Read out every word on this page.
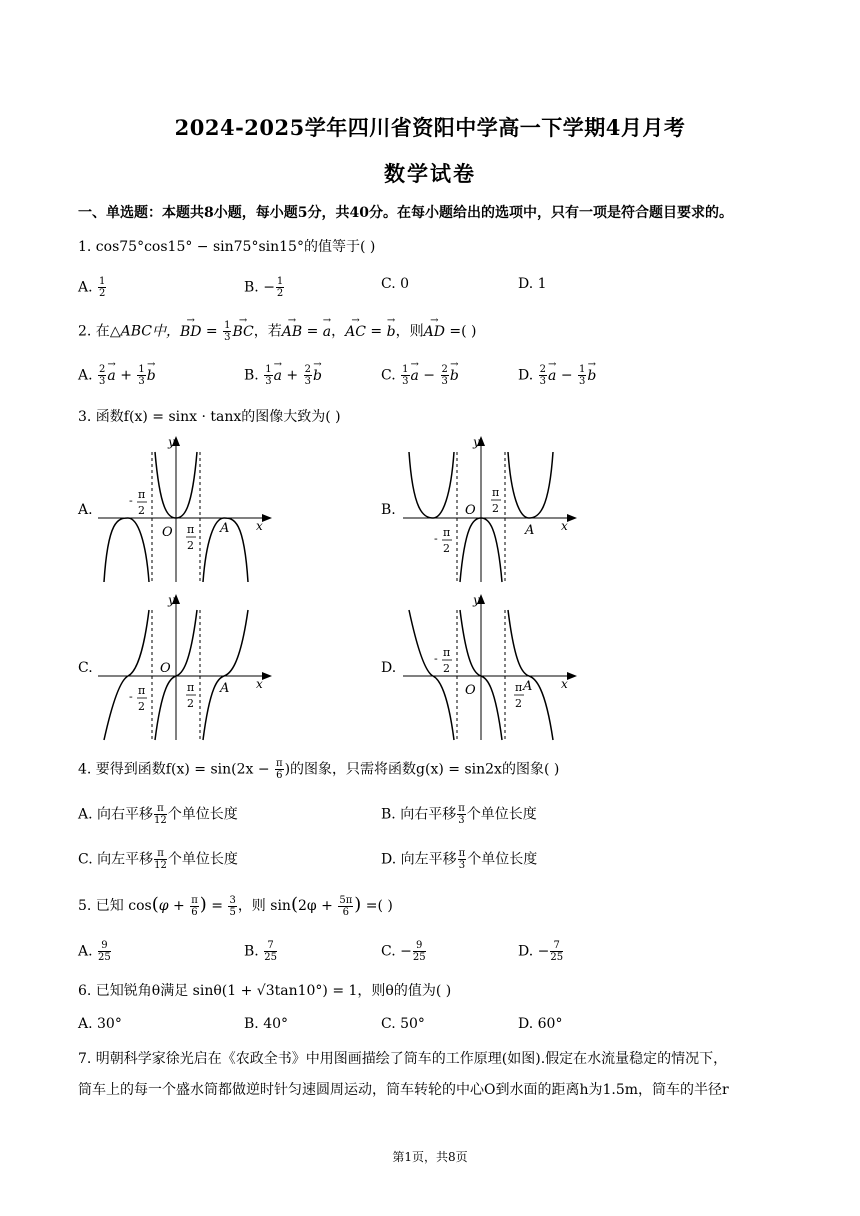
2024-2025学年四川省资阳中学高一下学期4月月考
数学试卷
一、单选题：本题共8小题，每小题5分，共40分。在每小题给出的选项中，只有一项是符合题目要求的。
1. cos75°cos15° − sin75°sin15°的值等于( )
A. $\frac{1}{2}$	B. − $\frac{1}{2}$	C. 0	D. 1
2. 在△ABC中，→ BD = $\frac{1}{3}$
→ BC，若→ AB = → a，→ AC = → b，则→ AD =( )
A. $\frac{2}{3}$
→ $a + \frac{1}{3}$
→ b	B. $\frac{1}{3}$
→ $a + \frac{2}{3}$
→ b	C. $\frac{1}{3}$
→ $a - \frac{2}{3}$
→ b	D. $\frac{2}{3}$
→ $a - \frac{1}{3}$
→ b
3. 函数f(x) = sinx · tanx的图像大致为( )
A.	B.
C.	D.
y
x
O	A
- π
2
π
2
y
x
O
A
- π
2
π
2
y
x
O
A
- π
2
π
2
y
x
O	A
- π
2
π
2
4. 要得到函数$f(x) = \sin(2x - \frac{\pi}{6}$ )的图象，只需将函数g(x) = sin2x的图象( )
A. 向右平移 $\frac{\pi}{12}$ 个单位长度	B. 向右平移 $\frac{\pi}{3}$ 个单位长度
C. 向左平移 $\frac{\pi}{12}$ 个单位长度	D. 向左平移 $\frac{\pi}{3}$ 个单位长度
5. 已知 $\cos(\varphi + \frac{\pi}{6}$ ) = $\frac{3}{5}$ ，则 $\sin(2\varphi + \frac{5\pi}{6}$ ) =( )
A. $\frac{9}{25}$	B. $\frac{7}{25}$	C. − $\frac{9}{25}$	D. − $\frac{7}{25}$
6. 已知锐角θ满足 sinθ(1 + √3tan10°) = 1，则θ的值为( )
A. 30°	B. 40°	C. 50°	D. 60°
7. 明朝科学家徐光启在《农政全书》中用图画描绘了筒车的工作原理(如图).假定在水流量稳定的情况下，
筒车上的每一个盛水筒都做逆时针匀速圆周运动，筒车转轮的中心O到水面的距离h为1.5m，筒车的半径r
第1页，共8页
